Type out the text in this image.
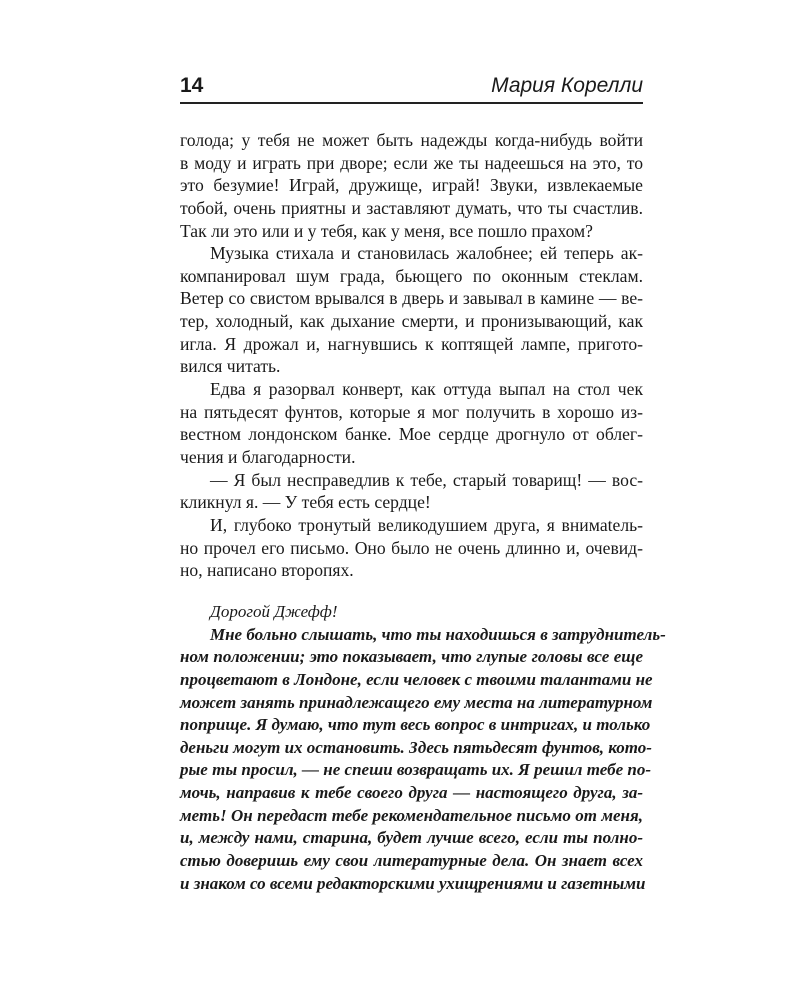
14	Мария Корелли
голода; у тебя не может быть надежды когда-нибудь войти
в моду и играть при дворе; если же ты надеешься на это, то
это безумие! Играй, дружище, играй! Звуки, извлекаемые
тобой, очень приятны и заставляют думать, что ты счастлив.
Так ли это или и у тебя, как у меня, все пошло прахом?
Музыка стихала и становилась жалобнее; ей теперь ак-
компанировал шум града, бьющего по оконным стеклам.
Ветер со свистом врывался в дверь и завывал в камине — ве-
тер, холодный, как дыхание смерти, и пронизывающий, как
игла. Я дрожал и, нагнувшись к коптящей лампе, пригото-
вился читать.
Едва я разорвал конверт, как оттуда выпал на стол чек
на пятьдесят фунтов, которые я мог получить в хорошо из-
вестном лондонском банке. Мое сердце дрогнуло от облег-
чения и благодарности.
— Я был несправедлив к тебе, старый товарищ! — вос-
кликнул я. — У тебя есть сердце!
И, глубоко тронутый великодушием друга, я внимatель-
но прочел его письмо. Оно было не очень длинно и, очевид-
но, написано второпях.
Дорогой Джефф!
Мне больно слышать, что ты находишься в затруднитель-
ном положении; это показывает, что глупые головы все еще
процветают в Лондоне, если человек с твоими талантами не
может занять принадлежащего ему места на литературном
поприще. Я думаю, что тут весь вопрос в интригах, и только
деньги могут их остановить. Здесь пятьдесят фунтов, кото-
рые ты просил, — не спеши возвращать их. Я решил тебе по-
мочь, направив к тебе своего друга — настоящего друга, за-
меть! Он передаст тебе рекомендательное письмо от меня,
и, между нами, старина, будет лучше всего, если ты полно-
стью доверишь ему свои литературные дела. Он знает всех
и знаком со всеми редакторскими ухищрениями и газетными
